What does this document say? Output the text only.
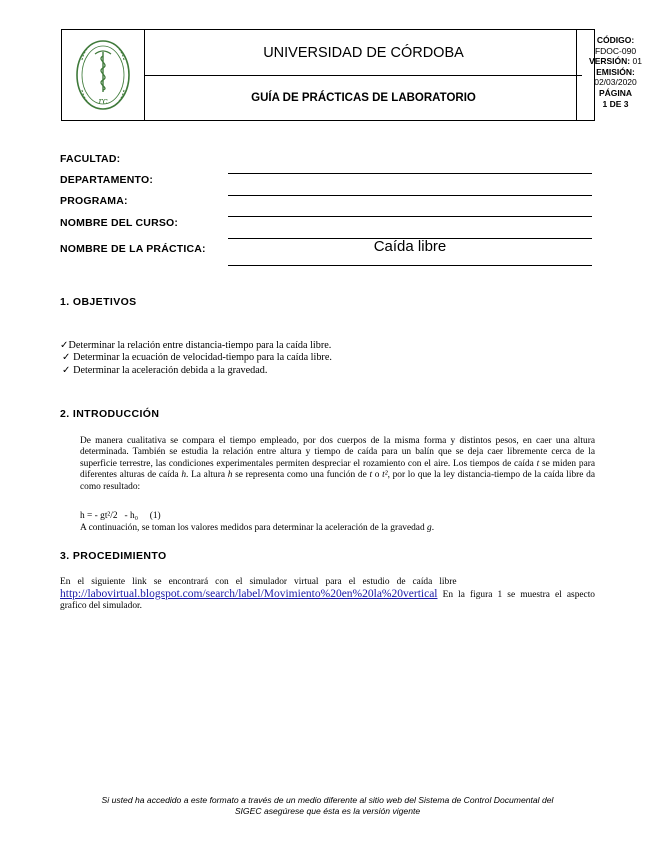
rc
UNIVERSIDAD DE CÓRDOBA
GUÍA DE PRÁCTICAS DE LABORATORIO
CÓDIGO:
FDOC-090
VERSIÓN: 01
EMISIÓN:
02/03/2020
PÁGINA
1 DE 3
FACULTAD:
DEPARTAMENTO:
PROGRAMA:
NOMBRE DEL CURSO:
NOMBRE DE LA PRÁCTICA:	Caída libre
1. OBJETIVOS
✓Determinar la relación entre distancia-tiempo para la caída libre.
✓ Determinar la ecuación de velocidad-tiempo para la caída libre.
✓ Determinar la aceleración debida a la gravedad.
2. INTRODUCCIÓN
De manera cualitativa se compara el tiempo empleado, por dos cuerpos de la misma forma y distintos pesos, en caer una altura determinada. También se estudia la relación entre altura y tiempo de caída para un balín que se deja caer libremente cerca de la superficie terrestre, las condiciones experimentales permiten despreciar el rozamiento con el aire. Los tiempos de caída t se miden para diferentes alturas de caída h. La altura h se representa como una función de t o t², por lo que la ley distancia-tiempo de la caída libre da como resultado:
h = - gt²/2   - h₀     (1)
A continuación, se toman los valores medidos para determinar la aceleración de la gravedad g.
3. PROCEDIMIENTO
En   el   siguiente   link   se   encontrará   con   el   simulador   virtual   para   el   estudio   de   caída   libre
http://labovirtual.blogspot.com/search/label/Movimiento%20en%20la%20vertical En la figura 1 se muestra el aspecto grafico del simulador.
Si usted ha accedido a este formato a través de un medio diferente al sitio web del Sistema de Control Documental del
SIGEC asegúrese que ésta es la versión vigente
